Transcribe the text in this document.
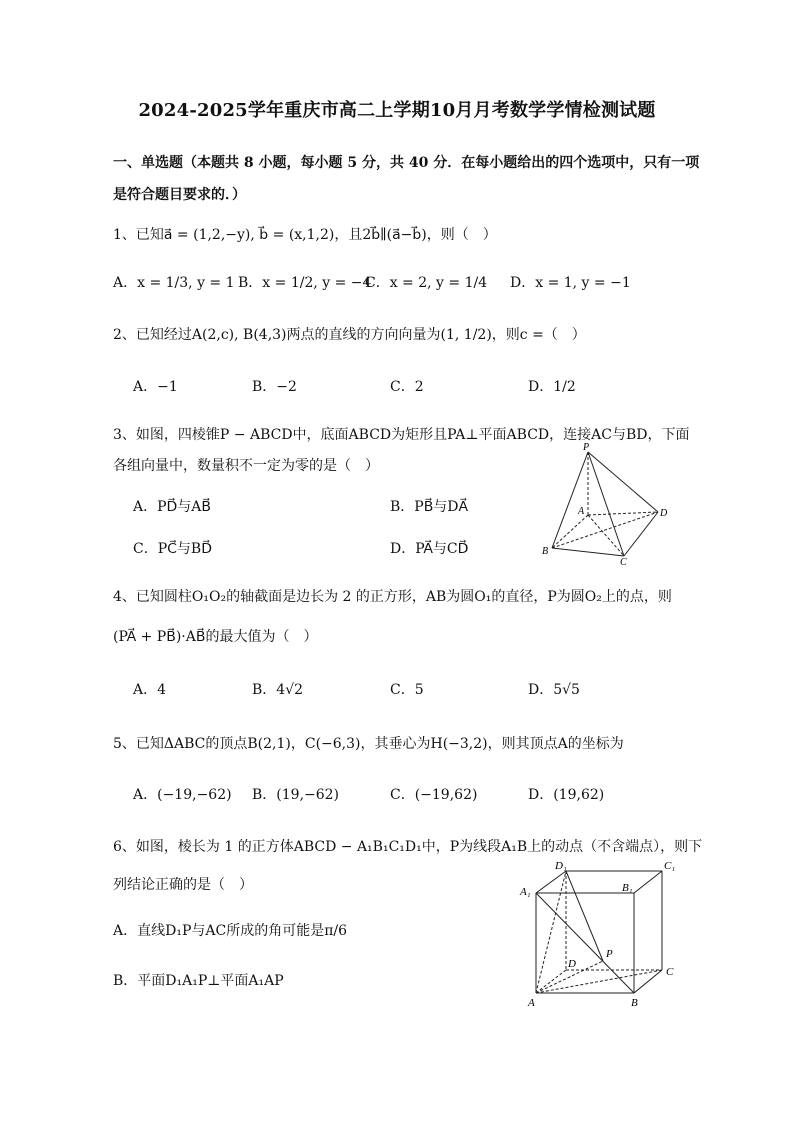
2024-2025学年重庆市高二上学期10月月考数学学情检测试题
一、单选题（本题共 8 小题，每小题 5 分，共 40 分．在每小题给出的四个选项中，只有一项
是符合题目要求的．）
1、已知a⃗ = (1,2,−y), b⃗ = (x,1,2)，且2b⃗∥(a⃗−b⃗)，则（　）
A．x = 1/3, y = 1 B．x = 1/2, y = −4
C．x = 2, y = 1/4 D．x = 1, y = −1
2、已知经过A(2,c), B(4,3)两点的直线的方向向量为(1, 1/2)，则c =（　）
A．−1	B．−2	C．2	D．1/2
3、如图，四棱锥P − ABCD中，底面ABCD为矩形且PA⊥平面ABCD，连接AC与BD，下面
各组向量中，数量积不一定为零的是（　）
A．PD⃗与AB⃗	B．PB⃗与DA⃗
C．PC⃗与BD⃗	D．PA⃗与CD⃗
P
A	D
B
C
4、已知圆柱O₁O₂的轴截面是边长为 2 的正方形，AB为圆O₁的直径，P为圆O₂上的点，则
(PA⃗ + PB⃗)·AB⃗的最大值为（　）
A．4	B．4√2	C．5	D．5√5
5、已知ΔABC的顶点B(2,1)，C(−6,3)，其垂心为H(−3,2)，则其顶点A的坐标为
A．(−19,−62) B．(19,−62)	C．(−19,62)	D．(19,62)
6、如图，棱长为 1 的正方体ABCD − A₁B₁C₁D₁中，P为线段A₁B上的动点（不含端点），则下
列结论正确的是（　）
A．直线D₁P与AC所成的角可能是π/6
B．平面D₁A₁P⊥平面A₁AP
D₁	C₁
A₁	B₁
P
D
C
A	B
